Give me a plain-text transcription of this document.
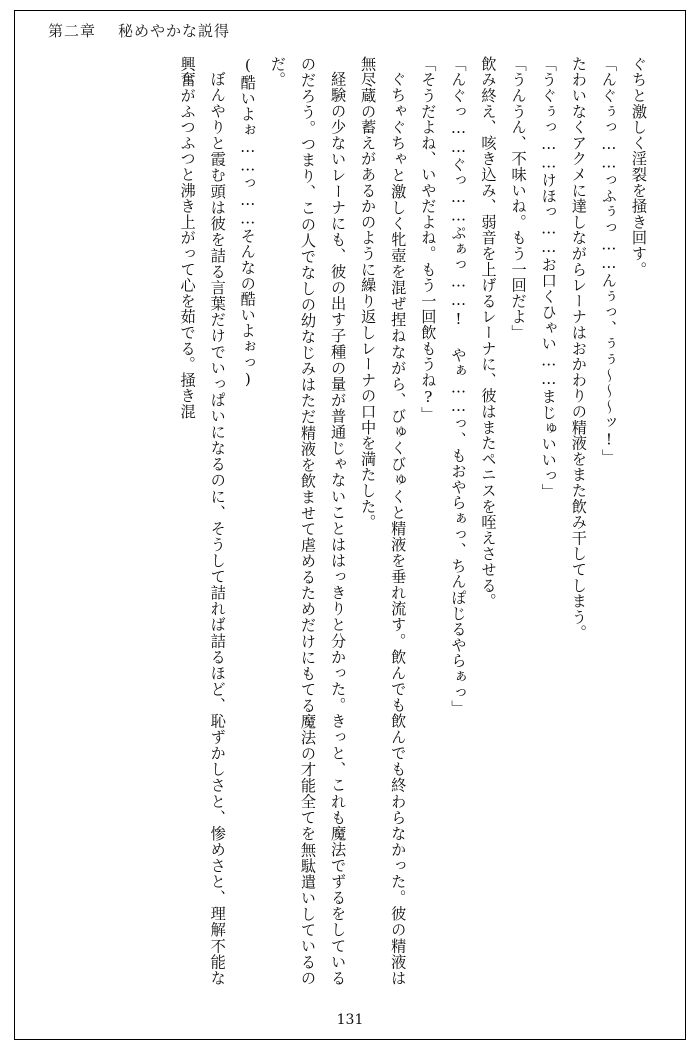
第二章 秘めやかな説得

ぐちと激しく淫裂を掻き回す。

「んぐぅっ……っふぅっ……んぅっ、ぅぅ～～～ッ!」

たわいなくアクメに達しながらレーナはおかわりの精液をまた飲み干してしまう。

「うぐぅっ……けほっ……お口くひゃい……まじゅいいっ」

「うんうん、不味いね。もう一回だよ」

飲み終え、咳き込み、弱音を上げるレーナに、彼はまたペニスを咥えさせる。

「んぐっ……ぐっ……ぷぁっ……! やぁ……っ、もおやらぁっ、ちんぽじるやらぁっ」

「そうだよね、いやだよね。もう一回飲もうね?」

ぐちゃぐちゃと激しく牝壺を混ぜ捏ねながら、びゅくびゅくと精液を垂れ流す。飲んでも飲んでも終わらなかった。彼の精液は無尽蔵の蓄えがあるかのように繰り返しレーナの口中を満たした。

経験の少ないレーナにも、彼の出す子種の量が普通じゃないことははっきりと分かった。きっと、これも魔法でずるをしているのだろう。つまり、この人でなしの幼なじみはただ精液を飲ませて虐めるためだけにもてる魔法の才能全てを無駄遣いしているのだ。

(酷いよぉ……っ……そんなの酷いよぉっ)

ぼんやりと霞む頭は彼を詰る言葉だけでいっぱいになるのに、そうして詰れば詰るほど、恥ずかしさと、惨めさと、理解不能な興奮がふつふつと沸き上がって心を茹でる。掻き混

131
